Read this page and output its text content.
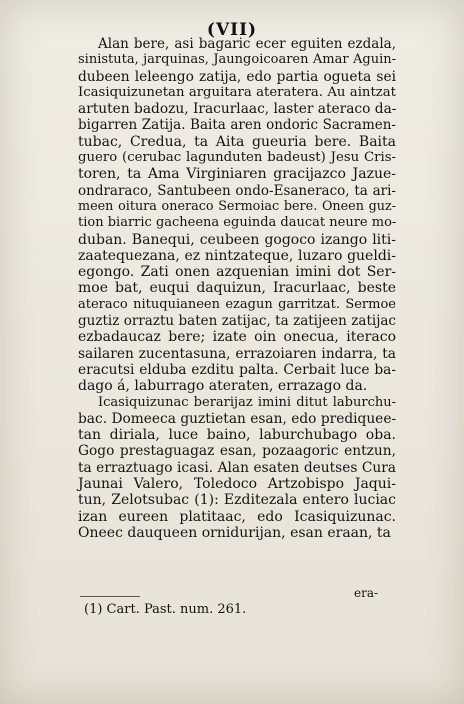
(VII)
Alan bere, asi bagaric ecer eguiten ezdala,
sinistuta, jarquinas, Jaungoicoaren Amar Aguin-
dubeen leleengo zatija, edo partia ogueta sei
Icasiquizunetan arguitara ateratera. Au aintzat
artuten badozu, Iracurlaac, laster ateraco da-
bigarren Zatija. Baita aren ondoric Sacramen-
tubac, Credua, ta Aita gueuria bere. Baita
guero (cerubac lagunduten badeust) Jesu Cris-
toren, ta Ama Virginiaren gracijazco Jazue-
ondraraco, Santubeen ondo-Esaneraco, ta ari-
meen oitura oneraco Sermoiac bere. Oneen guz-
tion biarric gacheena eguinda daucat neure mo-
duban. Banequi, ceubeen gogoco izango liti-
zaatequezana, ez nintzateque, luzaro gueldi-
egongo. Zati onen azquenian imini dot Ser-
moe bat, euqui daquizun, Iracurlaac, beste
ateraco nituquianeen ezagun garritzat. Sermoe
guztiz orraztu baten zatijac, ta zatijeen zatijac
ezbadaucaz bere; izate oin onecua, iteraco
sailaren zucentasuna, errazoiaren indarra, ta
eracutsi elduba ezditu palta. Cerbait luce ba-
dago á, laburrago ateraten, errazago da.
Icasiquizunac berarijaz imini ditut laburchu-
bac. Domeeca guztietan esan, edo prediquee-
tan diriala, luce baino, laburchubago oba.
Gogo prestaguagaz esan, pozaagoric entzun,
ta erraztuago icasi. Alan esaten deutses Cura
Jaunai Valero, Toledoco Artzobispo Jaqui-
tun, Zelotsubac (1): Ezditezala entero luciac
izan eureen platitaac, edo Icasiquizunac.
Oneec dauqueen ornidurijan, esan eraan, ta
era-
(1) Cart. Past. num. 261.
